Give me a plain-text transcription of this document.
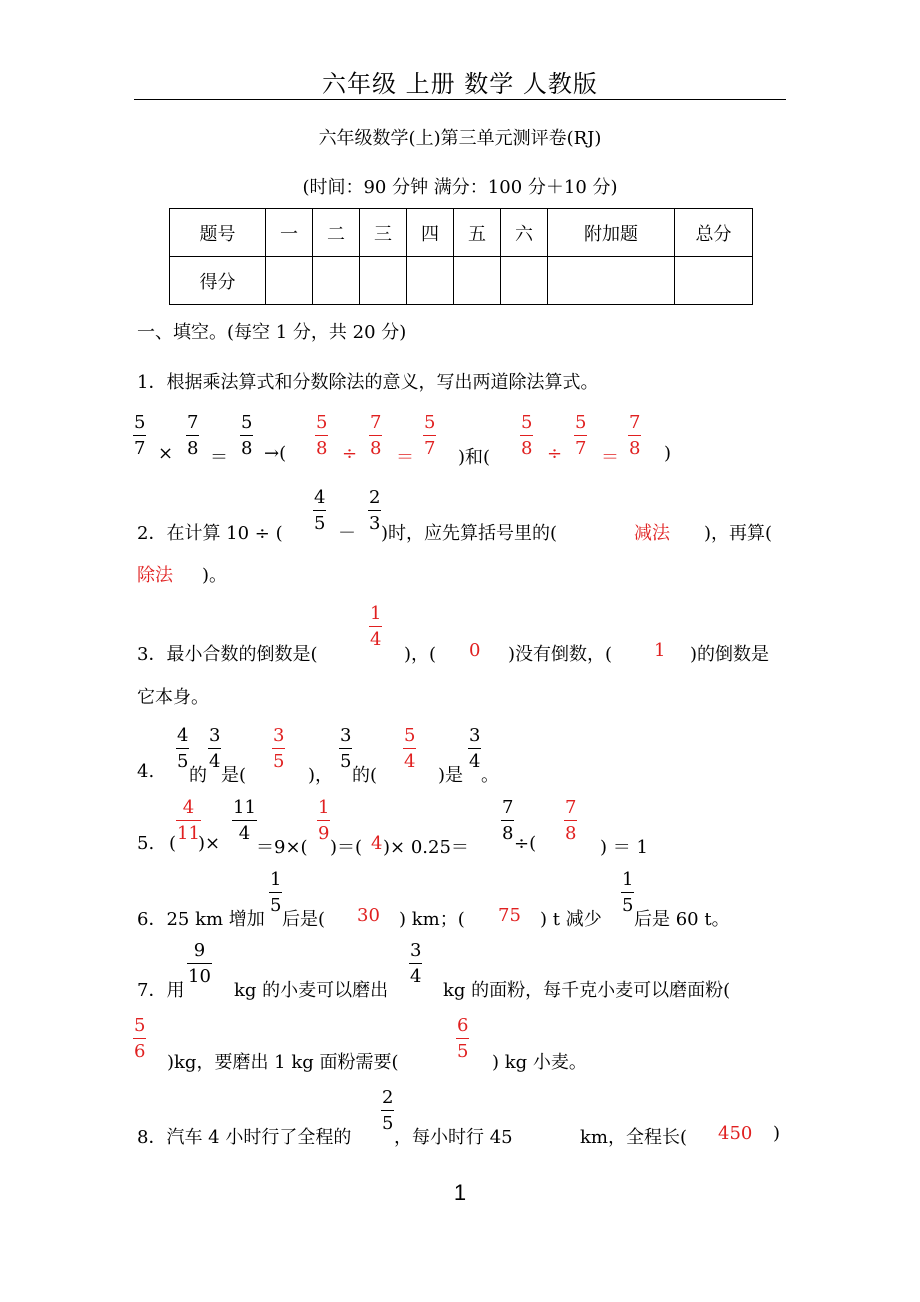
六年级 上册 数学 人教版
六年级数学(上)第三单元测评卷(RJ)
(时间：90 分钟 满分：100 分＋10 分)
题号	一	二	三	四	五	六	附加题	总分
得分								
一、填空。(每空 1 分，共 20 分)
1．根据乘法算式和分数除法的意义，写出两道除法算式。
5
7 ×
7
8 ＝
5
8 →(
5
8 ÷
7
8 ＝
5
7 )和(
5
8 ÷
5
7 ＝
7
8 )
2．在计算 10 ÷ (
4
5 －
2
3 )时，应先算括号里的(	减法 )，再算(
除法 )。
3．最小合数的倒数是(
1
4
)，( 0 )没有倒数，( 1 )的倒数是
它本身。
4.
4
5
的
3
4
是(
3
5
)，
3
5
的(
5
4
)是
3
4
。
5. (
4
11
)×
11
4
＝9×(
1
9
)＝( 4 )× 0.25＝
7
8 ÷(
7
8
) ＝ 1
6．25 km 增加
1
5
后是( 30 ) km；( 75 ) t 减少
1
5
后是 60 t。
7．用
9
10
kg 的小麦可以磨出
3
4
kg 的面粉，每千克小麦可以磨面粉(
5
6
)kg，要磨出 1 kg 面粉需要(
6
5
) kg 小麦。
8．汽车 4 小时行了全程的
2
5
，每小时行 45	km，全程长( 450 )
1
